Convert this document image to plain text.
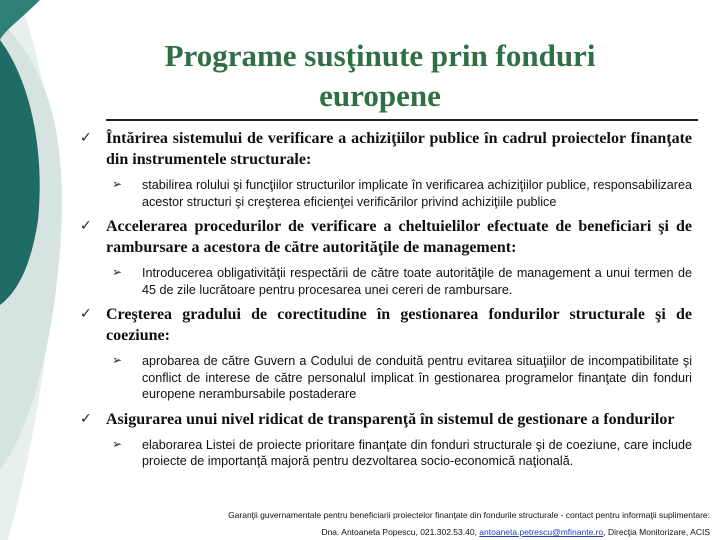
Programe susţinute prin fonduri europene
✓ Întărirea sistemului de verificare a achiziţiilor publice în cadrul proiectelor finanţate din instrumentele structurale:
➢ stabilirea rolului şi funcţiilor structurilor implicate în verificarea achiziţiilor publice, responsabilizarea acestor structuri şi creşterea eficienţei verificărilor privind achiziţiile publice
✓ Accelerarea procedurilor de verificare a cheltuielilor efectuate de beneficiari şi de rambursare a acestora de către autorităţile de management:
➢ Introducerea obligativităţii respectării de către toate autorităţile de management a unui termen de 45 de zile lucrătoare pentru procesarea unei cereri de rambursare.
✓ Creşterea gradului de corectitudine în gestionarea fondurilor structurale şi de coeziune:
➢ aprobarea de către Guvern a Codului de conduită pentru evitarea situaţiilor de incompatibilitate şi conflict de interese de către personalul implicat în gestionarea programelor finanţate din fonduri europene nerambursabile postaderare
✓ Asigurarea unui nivel ridicat de transparenţă în sistemul de gestionare a fondurilor
➢ elaborarea Listei de proiecte prioritare finanţate din fonduri structurale şi de coeziune, care include proiecte de importanţă majoră pentru dezvoltarea socio-economică naţională.
Garanţii guvernamentale pentru beneficiarii proiectelor finanţate din fondurile structurale - contact pentru informaţii suplimentare:
Dna. Antoaneta Popescu, 021.302.53.40, antoaneta.petrescu@mfinante.ro, Direcţia Monitorizare, ACIS
